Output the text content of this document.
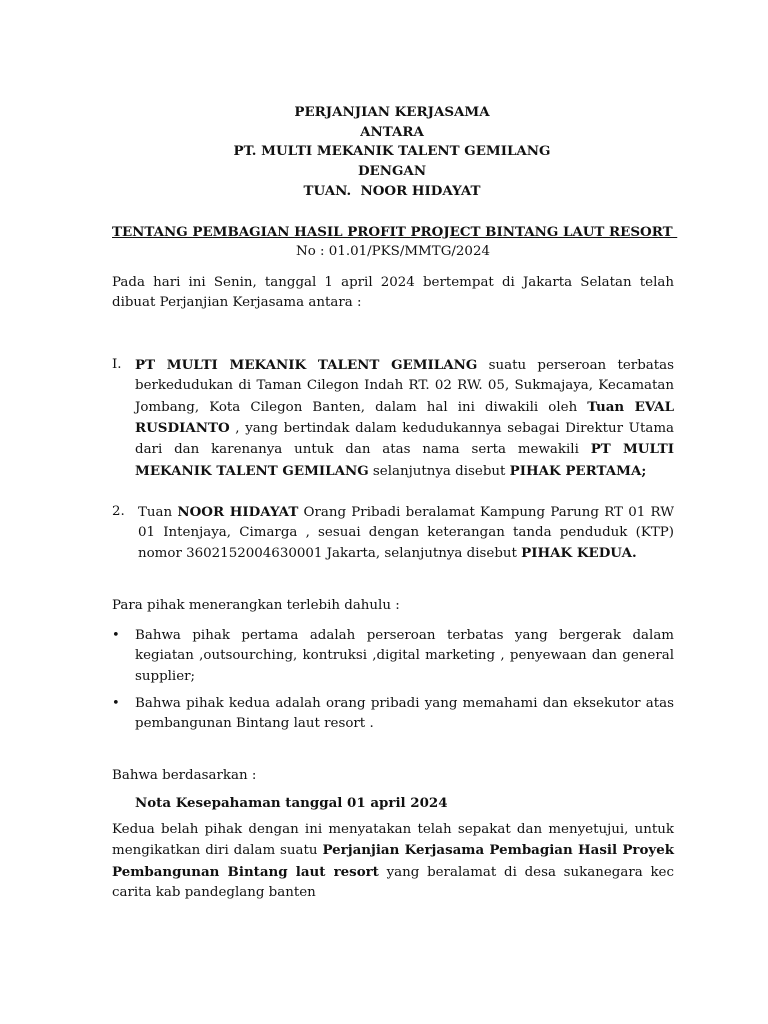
PERJANJIAN KERJASAMA
ANTARA
PT. MULTI MEKANIK TALENT GEMILANG
DENGAN
TUAN.  NOOR HIDAYAT
TENTANG PEMBAGIAN HASIL PROFIT PROJECT BINTANG LAUT RESORT
No : 01.01/PKS/MMTG/2024

Pada hari ini Senin, tanggal 1 april 2024 bertempat di Jakarta Selatan telah dibuat Perjanjian Kerjasama antara :

I. PT MULTI MEKANIK TALENT GEMILANG suatu perseroan terbatas berkedudukan di Taman Cilegon Indah RT. 02 RW. 05, Sukmajaya, Kecamatan Jombang, Kota Cilegon Banten, dalam hal ini diwakili oleh Tuan EVAL RUSDIANTO , yang bertindak dalam kedudukannya sebagai Direktur Utama dari dan karenanya untuk dan atas nama serta mewakili PT MULTI MEKANIK TALENT GEMILANG selanjutnya disebut PIHAK PERTAMA;
2. Tuan NOOR HIDAYAT Orang Pribadi beralamat Kampung Parung RT 01 RW 01 Intenjaya, Cimarga , sesuai dengan keterangan tanda penduduk (KTP) nomor 3602152004630001 Jakarta, selanjutnya disebut PIHAK KEDUA.

Para pihak menerangkan terlebih dahulu :

• Bahwa pihak pertama adalah perseroan terbatas yang bergerak dalam kegiatan ,outsourching, kontruksi ,digital marketing , penyewaan dan general supplier;
• Bahwa pihak kedua adalah orang pribadi yang memahami dan eksekutor atas pembangunan Bintang laut resort .

Bahwa berdasarkan :

Nota Kesepahaman tanggal 01 april 2024

Kedua belah pihak dengan ini menyatakan telah sepakat dan menyetujui, untuk mengikatkan diri dalam suatu Perjanjian Kerjasama Pembagian Hasil Proyek Pembangunan Bintang laut resort yang beralamat di desa sukanegara kec carita kab pandeglang banten
